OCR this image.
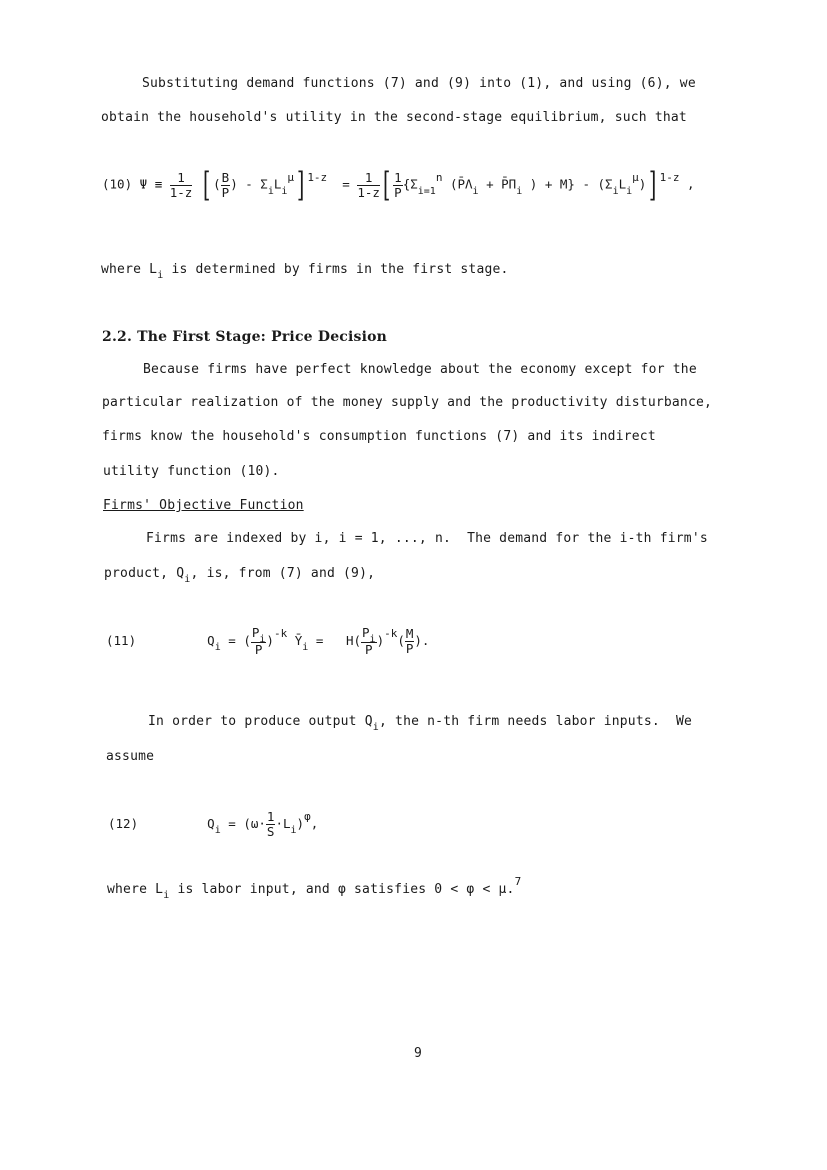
Substituting demand functions (7) and (9) into (1), and using (6), we
obtain the household's utility in the second-stage equilibrium, such that
(10) $\Psi \equiv \frac{1}{1-z}$ [ ( $\frac{B}{P̄}$ ) - $\Sigma_iL_i\mu$] $1-z = \frac{1}{1-z}$ [ $\frac{1}{P̄} \{\Sigma_{i=1}n$ ($P̄\Lambda_i$ + $P̄\Pi_i$ ) + $M\} - (\Sigma_iL_i\mu)$] 1-z ,
where $L_i$ is determined by firms in the first stage.
2.2. The First Stage: Price Decision
Because firms have perfect knowledge about the economy except for the
particular realization of the money supply and the productivity disturbance,
firms know the household's consumption functions (7) and its indirect
utility function (10).
Firms' Objective Function
Firms are indexed by i, i = 1, ..., n.  The demand for the i-th firm's
product, $Q_i$, is, from (7) and (9),
(11)	$Q_i$ = ( $\frac{P_i}{P̄} )-k$ $Ȳ_i = H( \frac{P_i}{P̄} )-k( \frac{M}{P̄}$ ).
In order to produce output $Q_i$, the n-th firm needs labor inputs.  We
assume
(12)	$Q_i = (\omega\cdot \frac{1}{S} \cdot L_i)\varphi$,
where $L_i$ is labor input, and φ satisfies 0 < φ < μ.$^7$
9
